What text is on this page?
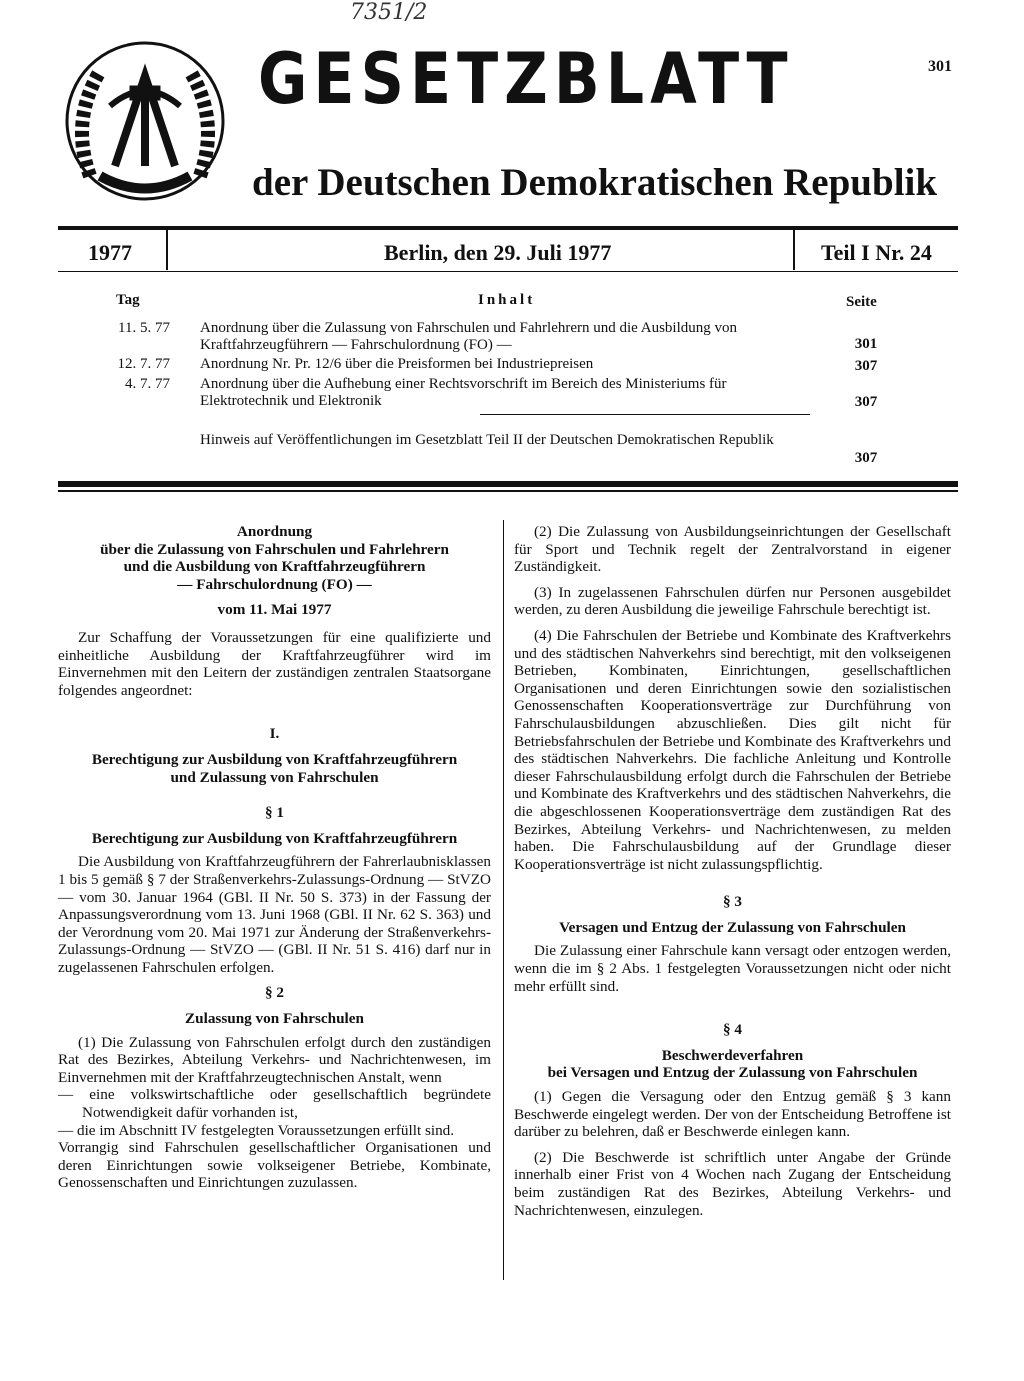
7351/2
301
GESETZBLATT
der Deutschen Demokratischen Republik
1977	Berlin, den 29. Juli 1977	Teil I Nr. 24
Tag	Inhalt	Seite
11. 5. 77 Anordnung über die Zulassung von Fahrschulen und Fahrlehrern und die Ausbildung von Kraftfahrzeugführern — Fahrschulordnung (FO) —	301
12. 7. 77 Anordnung Nr. Pr. 12/6 über die Preisformen bei Industriepreisen	307
4. 7. 77 Anordnung über die Aufhebung einer Rechtsvorschrift im Bereich des Ministeriums für Elektrotechnik und Elektronik	307
Hinweis auf Veröffentlichungen im Gesetzblatt Teil II der Deutschen Demokratischen Republik
307
Anordnung
über die Zulassung von Fahrschulen und Fahrlehrern
und die Ausbildung von Kraftfahrzeugführern
— Fahrschulordnung (FO) —
vom 11. Mai 1977

Zur Schaffung der Voraussetzungen für eine qualifizierte und einheitliche Ausbildung der Kraftfahrzeugführer wird im Einvernehmen mit den Leitern der zuständigen zentralen Staatsorgane folgendes angeordnet:

I.
Berechtigung zur Ausbildung von Kraftfahrzeugführern
und Zulassung von Fahrschulen
§ 1
Berechtigung zur Ausbildung von Kraftfahrzeugführern

Die Ausbildung von Kraftfahrzeugführern der Fahrerlaubnisklassen 1 bis 5 gemäß § 7 der Straßenverkehrs-Zulassungs-Ordnung — StVZO — vom 30. Januar 1964 (GBl. II Nr. 50 S. 373) in der Fassung der Anpassungsverordnung vom 13. Juni 1968 (GBl. II Nr. 62 S. 363) und der Verordnung vom 20. Mai 1971 zur Änderung der Straßenverkehrs-Zulassungs-Ordnung — StVZO — (GBl. II Nr. 51 S. 416) darf nur in zugelassenen Fahrschulen erfolgen.

§ 2
Zulassung von Fahrschulen

(1) Die Zulassung von Fahrschulen erfolgt durch den zuständigen Rat des Bezirkes, Abteilung Verkehrs- und Nachrichtenwesen, im Einvernehmen mit der Kraftfahrzeugtechnischen Anstalt, wenn

— eine volkswirtschaftliche oder gesellschaftlich begründete Notwendigkeit dafür vorhanden ist,

— die im Abschnitt IV festgelegten Voraussetzungen erfüllt sind.

Vorrangig sind Fahrschulen gesellschaftlicher Organisationen und deren Einrichtungen sowie volkseigener Betriebe, Kombinate, Genossenschaften und Einrichtungen zuzulassen.

(2) Die Zulassung von Ausbildungseinrichtungen der Gesellschaft für Sport und Technik regelt der Zentralvorstand in eigener Zuständigkeit.

(3) In zugelassenen Fahrschulen dürfen nur Personen ausgebildet werden, zu deren Ausbildung die jeweilige Fahrschule berechtigt ist.

(4) Die Fahrschulen der Betriebe und Kombinate des Kraftverkehrs und des städtischen Nahverkehrs sind berechtigt, mit den volkseigenen Betrieben, Kombinaten, Einrichtungen, gesellschaftlichen Organisationen und deren Einrichtungen sowie den sozialistischen Genossenschaften Kooperationsverträge zur Durchführung von Fahrschulausbildungen abzuschließen. Dies gilt nicht für Betriebsfahrschulen der Betriebe und Kombinate des Kraftverkehrs und des städtischen Nahverkehrs. Die fachliche Anleitung und Kontrolle dieser Fahrschulausbildung erfolgt durch die Fahrschulen der Betriebe und Kombinate des Kraftverkehrs und des städtischen Nahverkehrs, die die abgeschlossenen Kooperationsverträge dem zuständigen Rat des Bezirkes, Abteilung Verkehrs- und Nachrichtenwesen, zu melden haben. Die Fahrschulausbildung auf der Grundlage dieser Kooperationsverträge ist nicht zulassungspflichtig.

§ 3
Versagen und Entzug der Zulassung von Fahrschulen

Die Zulassung einer Fahrschule kann versagt oder entzogen werden, wenn die im § 2 Abs. 1 festgelegten Voraussetzungen nicht oder nicht mehr erfüllt sind.

§ 4
Beschwerdeverfahren
bei Versagen und Entzug der Zulassung von Fahrschulen

(1) Gegen die Versagung oder den Entzug gemäß § 3 kann Beschwerde eingelegt werden. Der von der Entscheidung Betroffene ist darüber zu belehren, daß er Beschwerde einlegen kann.

(2) Die Beschwerde ist schriftlich unter Angabe der Gründe innerhalb einer Frist von 4 Wochen nach Zugang der Entscheidung beim zuständigen Rat des Bezirkes, Abteilung Verkehrs- und Nachrichtenwesen, einzulegen.
